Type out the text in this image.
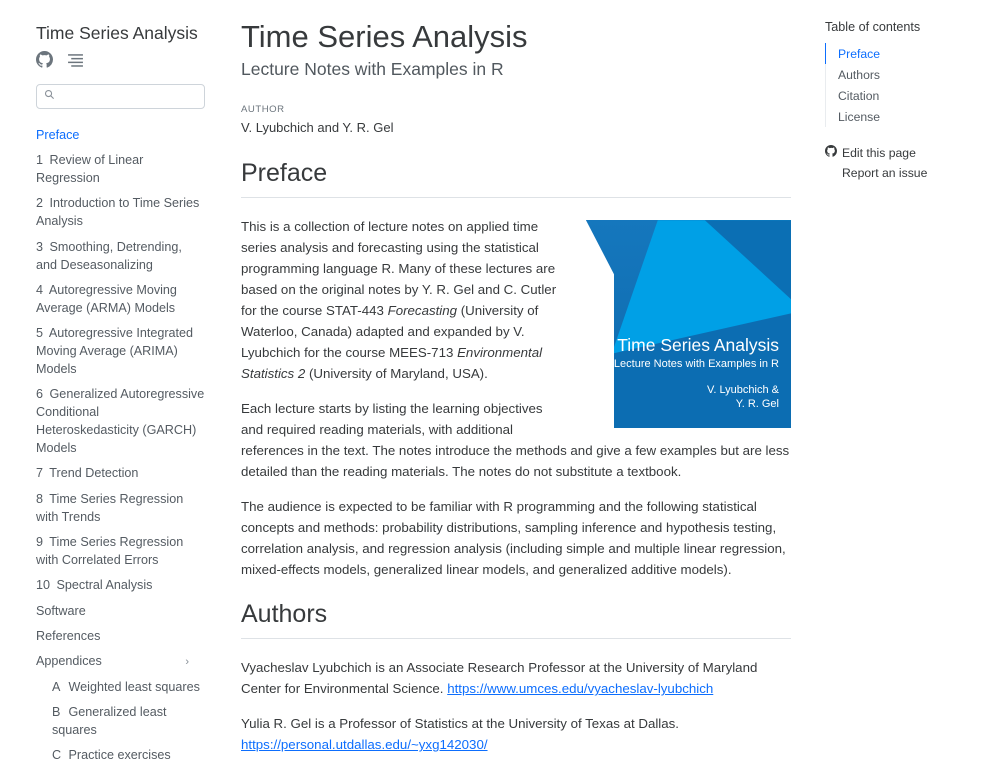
Time Series Analysis
Preface
1 Review of Linear Regression
2 Introduction to Time Series Analysis
3 Smoothing, Detrending, and Deseasonalizing
4 Autoregressive Moving Average (ARMA) Models
5 Autoregressive Integrated Moving Average (ARIMA) Models
6 Generalized Autoregressive Conditional Heteroskedasticity (GARCH) Models
7 Trend Detection
8 Time Series Regression with Trends
9 Time Series Regression with Correlated Errors
10 Spectral Analysis
Software
References
Appendices	›
A Weighted least squares
B Generalized least squares
C Practice exercises
Time Series Analysis
Lecture Notes with Examples in R
AUTHOR
V. Lyubchich and Y. R. Gel
Preface
Time Series Analysis
Lecture Notes with Examples in R
V. Lyubchich &
Y. R. Gel

This is a collection of lecture notes on applied time series analysis and forecasting using the statistical programming language R. Many of these lectures are based on the original notes by Y. R. Gel and C. Cutler for the course STAT-443 Forecasting (University of Waterloo, Canada) adapted and expanded by V. Lyubchich for the course MEES-713 Environmental Statistics 2 (University of Maryland, USA).

Each lecture starts by listing the learning objectives and required reading materials, with additional references in the text. The notes introduce the methods and give a few examples but are less detailed than the reading materials. The notes do not substitute a textbook.

The audience is expected to be familiar with R programming and the following statistical concepts and methods: probability distributions, sampling inference and hypothesis testing, correlation analysis, and regression analysis (including simple and multiple linear regression, mixed-effects models, generalized linear models, and generalized additive models).

Authors

Vyacheslav Lyubchich is an Associate Research Professor at the University of Maryland Center for Environmental Science. https://www.umces.edu/vyacheslav-lyubchich

Yulia R. Gel is a Professor of Statistics at the University of Texas at Dallas.
https://personal.utdallas.edu/~yxg142030/

Table of contents
Preface
Authors
Citation
License
Edit this page
Report an issue
